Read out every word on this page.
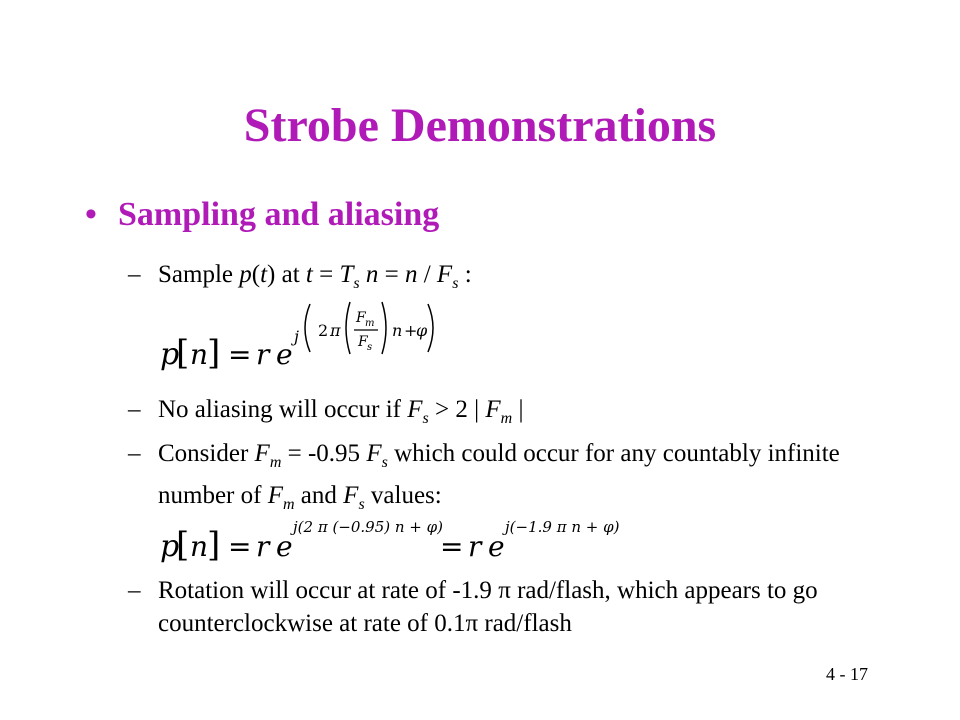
Strobe Demonstrations
• Sampling and aliasing
– Sample p(t) at $t = T_s$ $n = n / F_s$ :
p
[ n
] = r e
j 2 π
F m
F s
n +
φ
– No aliasing will occur if $F_s > 2$ | $F_m$ |
– Consider $F_m = -0.95$ $F_s$ which could occur for any countably infinite number of $F_m$ and $F_s$ values:
p
[ n
] = r e
j(2 π (−0.95) n + φ)
= r e
j(−1.9 π n + φ)
– Rotation will occur at rate of -1.9 π rad/flash, which appears to go counterclockwise at rate of 0.1π rad/flash
4 - 17
